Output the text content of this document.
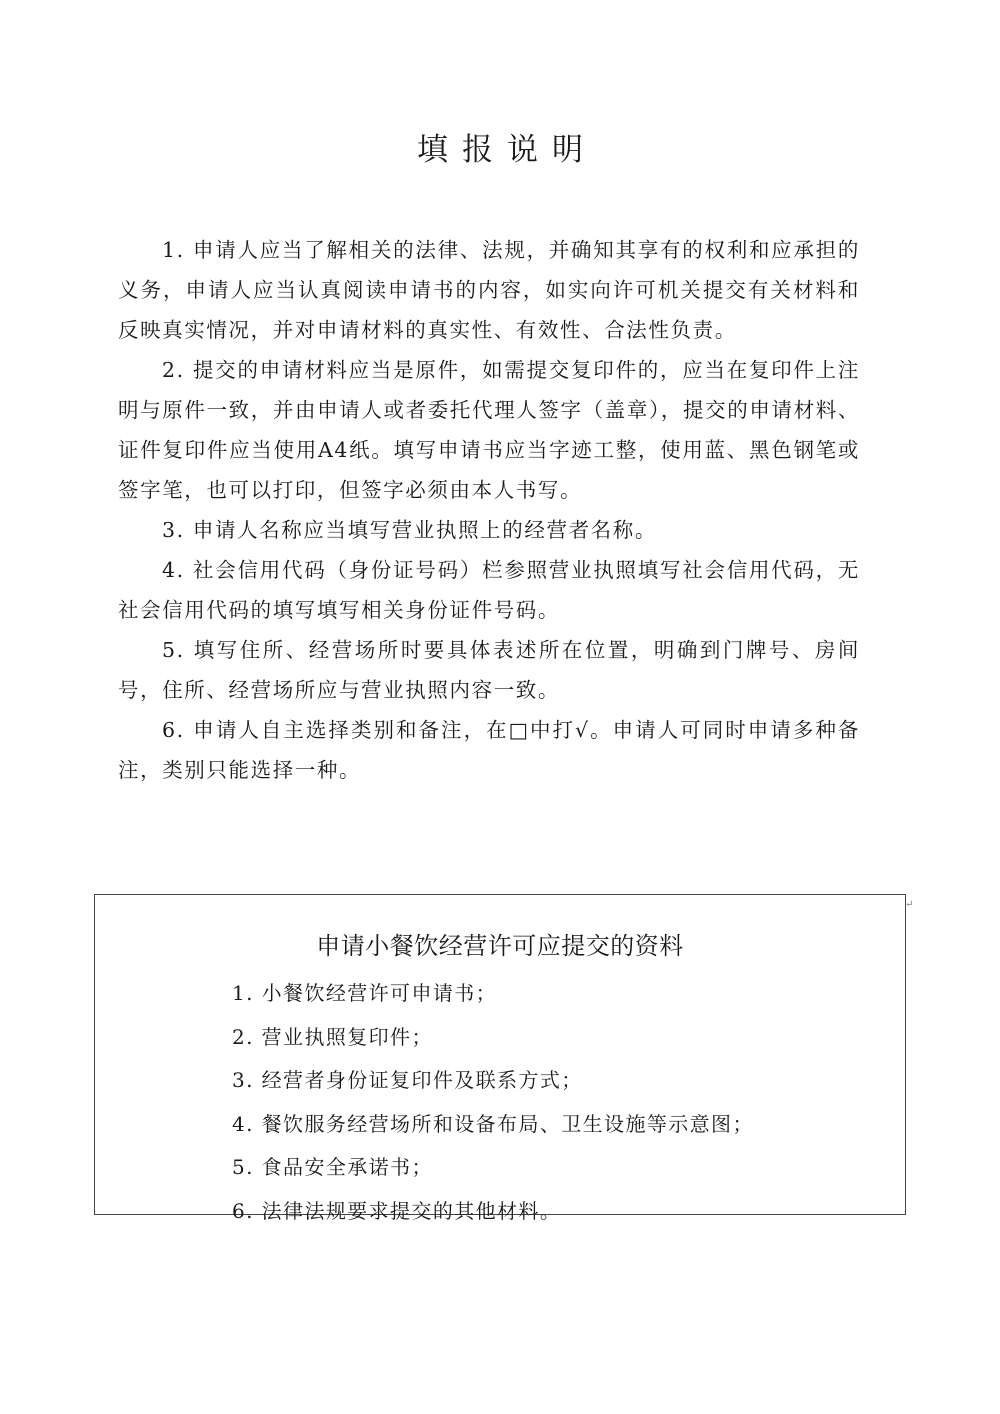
填报说明
1. 申请人应当了解相关的法律、法规，并确知其享有的权利和应承担的义务，申请人应当认真阅读申请书的内容，如实向许可机关提交有关材料和反映真实情况，并对申请材料的真实性、有效性、合法性负责。
2. 提交的申请材料应当是原件，如需提交复印件的，应当在复印件上注明与原件一致，并由申请人或者委托代理人签字（盖章），提交的申请材料、证件复印件应当使用A4纸。填写申请书应当字迹工整，使用蓝、黑色钢笔或签字笔，也可以打印，但签字必须由本人书写。
3. 申请人名称应当填写营业执照上的经营者名称。
4. 社会信用代码（身份证号码）栏参照营业执照填写社会信用代码，无社会信用代码的填写填写相关身份证件号码。
5. 填写住所、经营场所时要具体表述所在位置，明确到门牌号、房间号，住所、经营场所应与营业执照内容一致。
6. 申请人自主选择类别和备注，在□中打√。申请人可同时申请多种备注，类别只能选择一种。
申请小餐饮经营许可应提交的资料
1. 小餐饮经营许可申请书；
2. 营业执照复印件；
3. 经营者身份证复印件及联系方式；
4. 餐饮服务经营场所和设备布局、卫生设施等示意图；
5. 食品安全承诺书；
6. 法律法规要求提交的其他材料。
↵
